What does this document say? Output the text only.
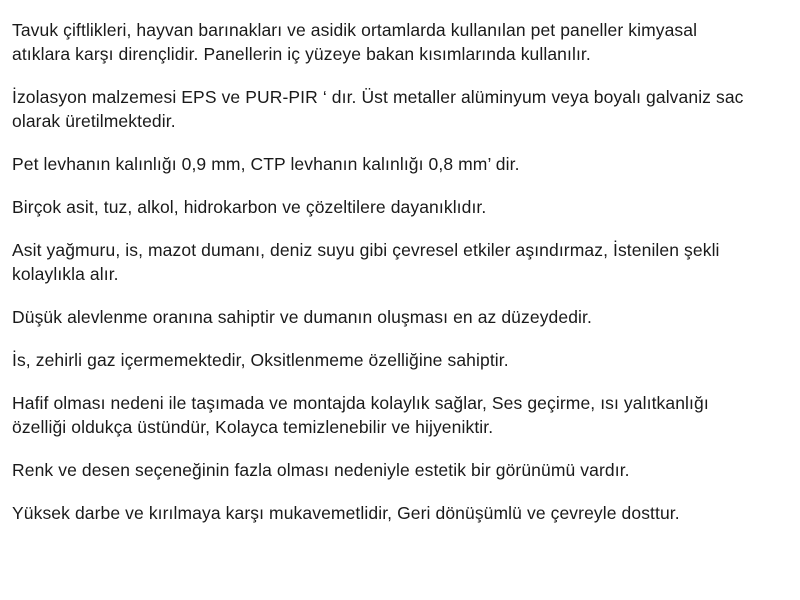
Tavuk çiftlikleri, hayvan barınakları ve asidik ortamlarda kullanılan pet paneller kimyasal
atıklara karşı dirençlidir. Panellerin iç yüzeye bakan kısımlarında kullanılır.

İzolasyon malzemesi EPS ve PUR-PIR ‘ dır. Üst metaller alüminyum veya boyalı galvaniz sac
olarak üretilmektedir.

Pet levhanın kalınlığı 0,9 mm, CTP levhanın kalınlığı 0,8 mm’ dir.

Birçok asit, tuz, alkol, hidrokarbon ve çözeltilere dayanıklıdır.

Asit yağmuru, is, mazot dumanı, deniz suyu gibi çevresel etkiler aşındırmaz, İstenilen şekli
kolaylıkla alır.

Düşük alevlenme oranına sahiptir ve dumanın oluşması en az düzeydedir.

İs, zehirli gaz içermemektedir, Oksitlenmeme özelliğine sahiptir.

Hafif olması nedeni ile taşımada ve montajda kolaylık sağlar, Ses geçirme, ısı yalıtkanlığı
özelliği oldukça üstündür, Kolayca temizlenebilir ve hijyeniktir.

Renk ve desen seçeneğinin fazla olması nedeniyle estetik bir görünümü vardır.

Yüksek darbe ve kırılmaya karşı mukavemetlidir, Geri dönüşümlü ve çevreyle dosttur.
